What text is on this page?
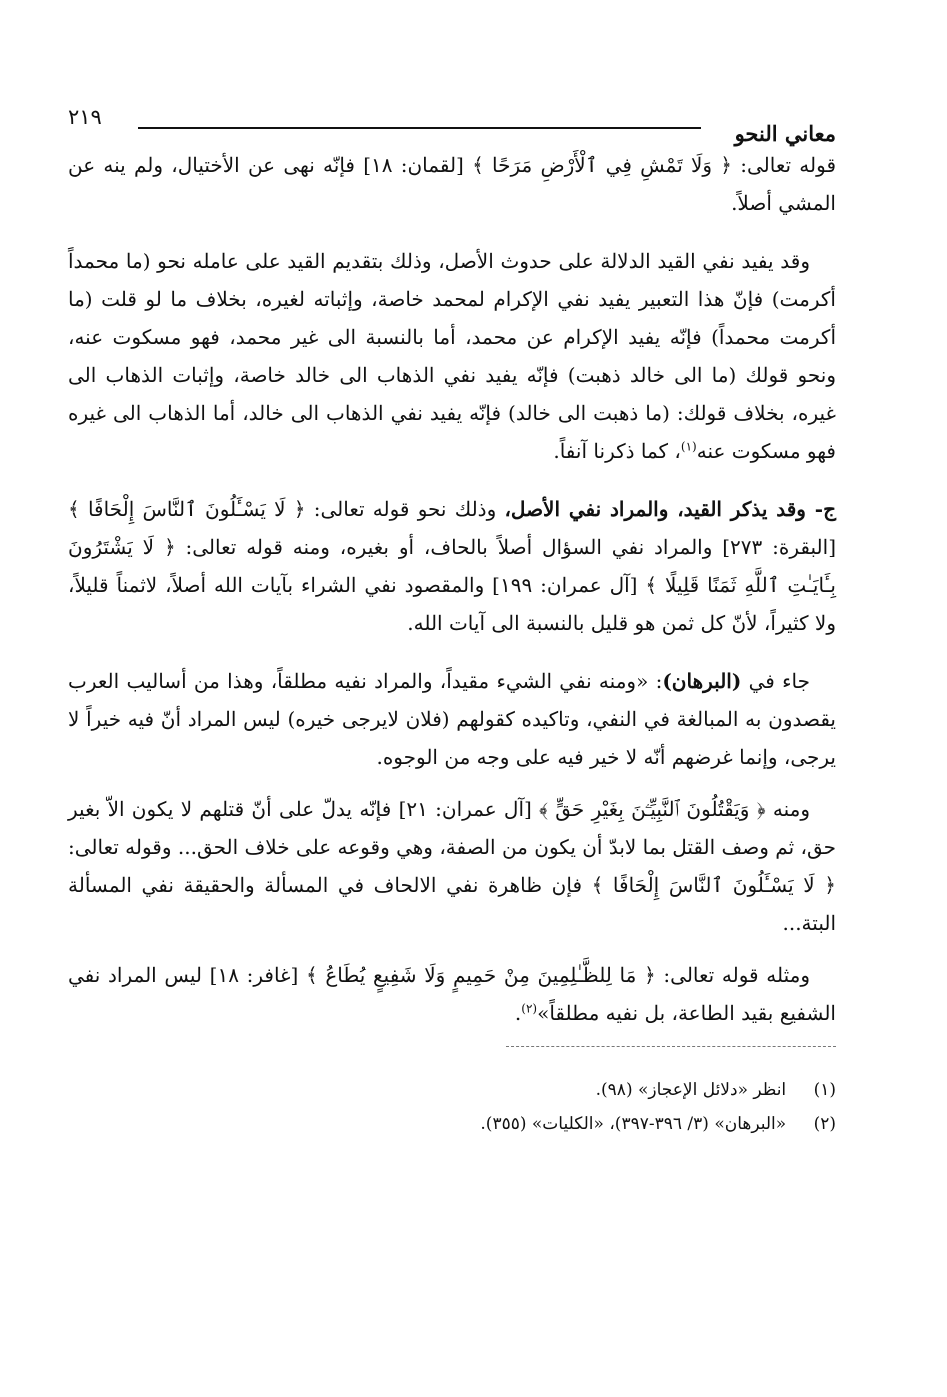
معاني النحو
٢١٩

قوله تعالى: ﴿ وَلَا تَمْشِ فِي ٱلْأَرْضِ مَرَحًا ﴾ [لقمان: ١٨] فإنّه نهى عن الأختيال، ولم ينه عن المشي أصلاً.

وقد يفيد نفي القيد الدلالة على حدوث الأصل، وذلك بتقديم القيد على عامله نحو (ما محمداً أكرمت) فإنّ هذا التعبير يفيد نفي الإكرام لمحمد خاصة، وإثباته لغيره، بخلاف ما لو قلت (ما أكرمت محمداً) فإنّه يفيد الإكرام عن محمد، أما بالنسبة الى غير محمد، فهو مسكوت عنه، ونحو قولك (ما الى خالد ذهبت) فإنّه يفيد نفي الذهاب الى خالد خاصة، وإثبات الذهاب الى غيره، بخلاف قولك: (ما ذهبت الى خالد) فإنّه يفيد نفي الذهاب الى خالد، أما الذهاب الى غيره فهو مسكوت عنه$^{(١)}$، كما ذكرنا آنفاً.

ج- وقد يذكر القيد، والمراد نفي الأصل، وذلك نحو قوله تعالى: ﴿ لَا يَسْـَٔلُونَ ٱلنَّاسَ إِلْحَافًا ﴾ [البقرة: ٢٧٣] والمراد نفي السؤال أصلاً بالحاف، أو بغيره، ومنه قوله تعالى: ﴿ لَا يَشْتَرُونَ بِـَٔايَـٰتِ ٱللَّهِ ثَمَنًا قَلِيلًا ﴾ [آل عمران: ١٩٩] والمقصود نفي الشراء بآيات الله أصلاً، لاثمناً قليلاً، ولا كثيراً، لأنّ كل ثمن هو قليل بالنسبة الى آيات الله.

جاء في (البرهان): «ومنه نفي الشيء مقيداً، والمراد نفيه مطلقاً، وهذا من أساليب العرب يقصدون به المبالغة في النفي، وتاكيده كقولهم (فلان لايرجى خيره) ليس المراد أنّ فيه خيراً لا يرجى، وإنما غرضهم أنّه لا خير فيه على وجه من الوجوه.

ومنه ﴿ وَيَقْتُلُونَ ٱلنَّبِيِّـۧنَ بِغَيْرِ حَقٍّ ﴾ [آل عمران: ٢١] فإنّه يدلّ على أنّ قتلهم لا يكون الاّ بغير حق، ثم وصف القتل بما لابدّ أن يكون من الصفة، وهي وقوعه على خلاف الحق... وقوله تعالى: ﴿ لَا يَسْـَٔلُونَ ٱلنَّاسَ إِلْحَافًا ﴾ فإن ظاهرة نفي الالحاف في المسألة والحقيقة نفي المسألة البتة...

ومثله قوله تعالى: ﴿ مَا لِلظَّـٰلِمِينَ مِنْ حَمِيمٍ وَلَا شَفِيعٍ يُطَاعُ ﴾ [غافر: ١٨] ليس المراد نفي الشفيع بقيد الطاعة، بل نفيه مطلقاً»$^{(٢)}$.

(١) انظر «دلائل الإعجاز» (٩٨).
(٢) «البرهان» (٣/ ٣٩٦-٣٩٧)، «الكليات» (٣٥٥).
